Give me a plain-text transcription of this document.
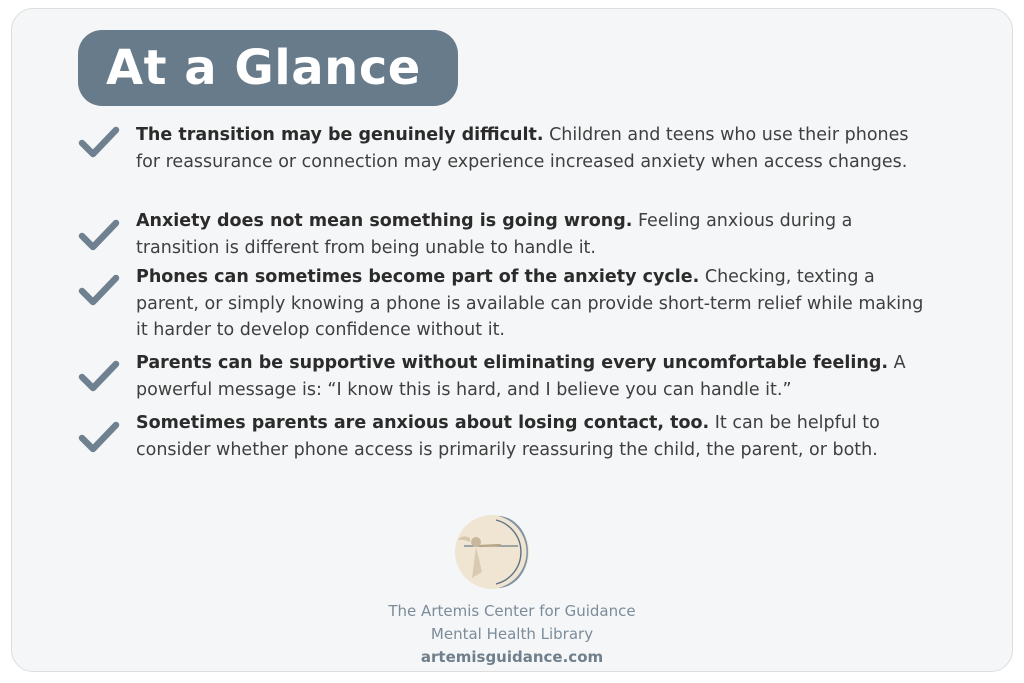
At a Glance
The transition may be genuinely difficult. Children and teens who use their phones for reassurance or connection may experience increased anxiety when access changes.
Anxiety does not mean something is going wrong. Feeling anxious during a transition is different from being unable to handle it.
Phones can sometimes become part of the anxiety cycle. Checking, texting a parent, or simply knowing a phone is available can provide short-term relief while making it harder to develop confidence without it.
Parents can be supportive without eliminating every uncomfortable feeling. A powerful message is: “I know this is hard, and I believe you can handle it.”
Sometimes parents are anxious about losing contact, too. It can be helpful to consider whether phone access is primarily reassuring the child, the parent, or both.
The Artemis Center for Guidance
Mental Health Library
artemisguidance.com
